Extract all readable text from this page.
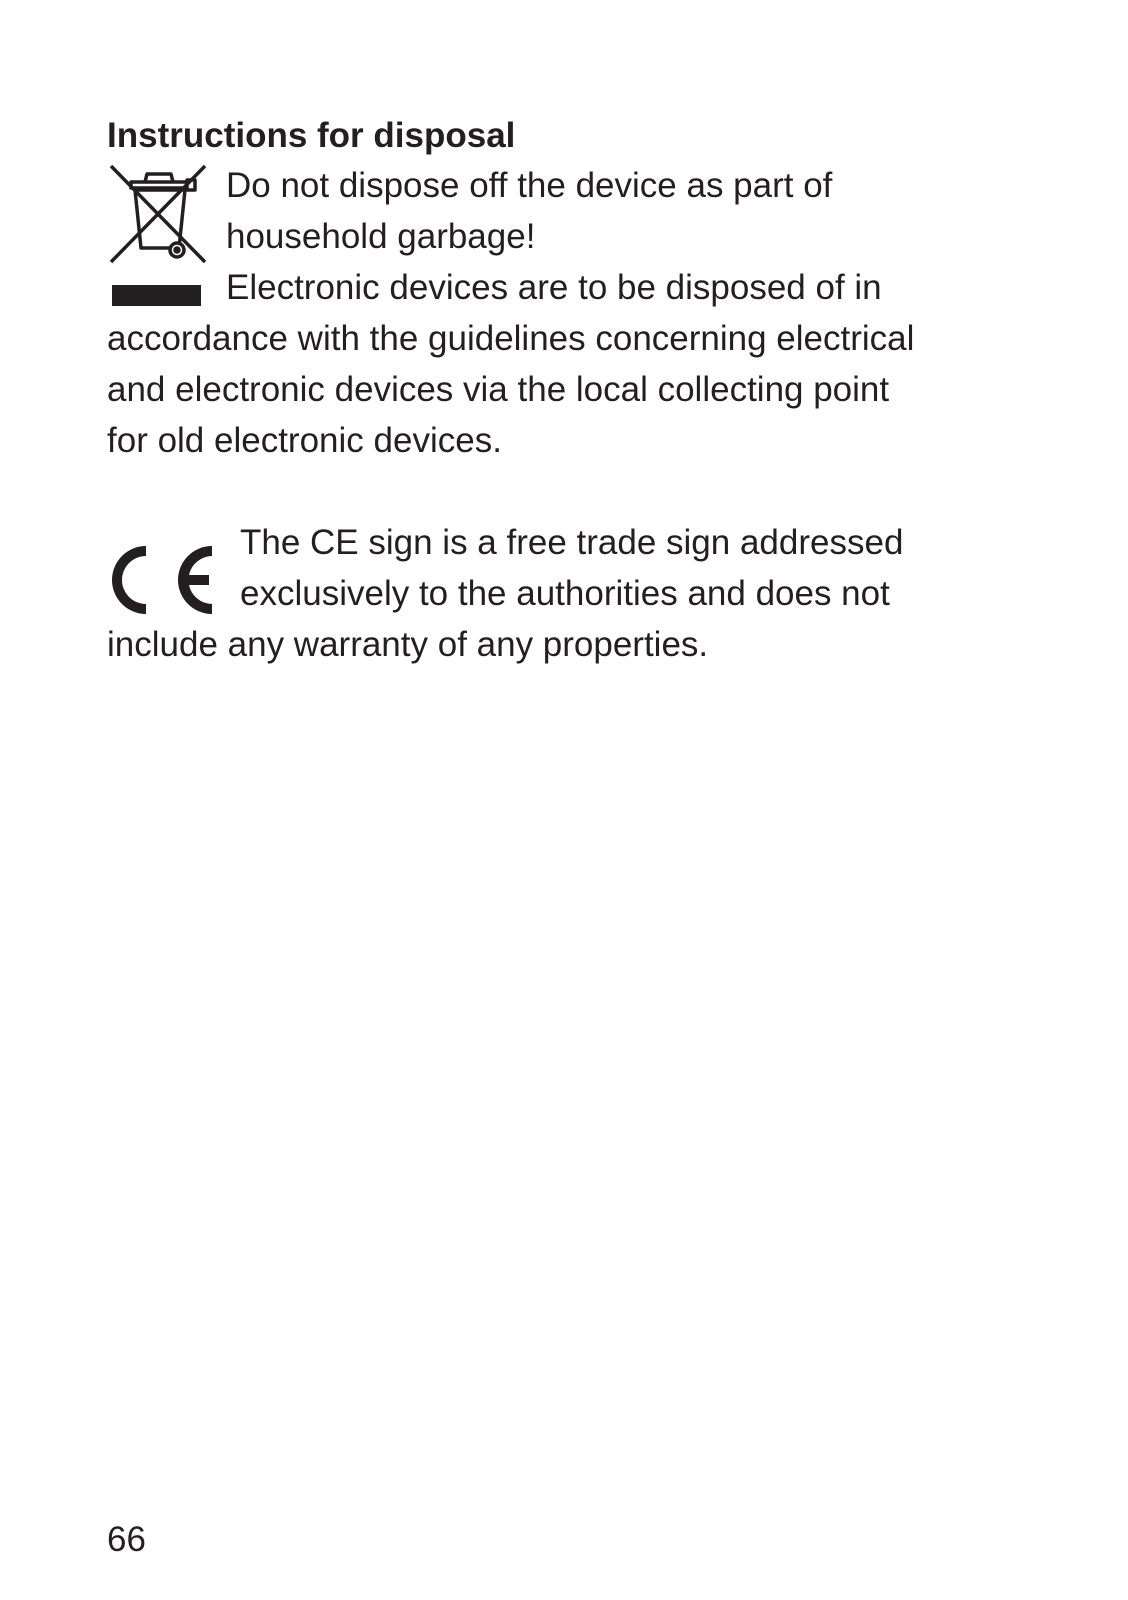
Instructions for disposal
Do not dispose off the device as part of
household garbage!
Electronic devices are to be disposed of in
accordance with the guidelines concerning electrical
and electronic devices via the local collecting point
for old electronic devices.
The CE sign is a free trade sign addressed
exclusively to the authorities and does not
include any warranty of any properties.
66
